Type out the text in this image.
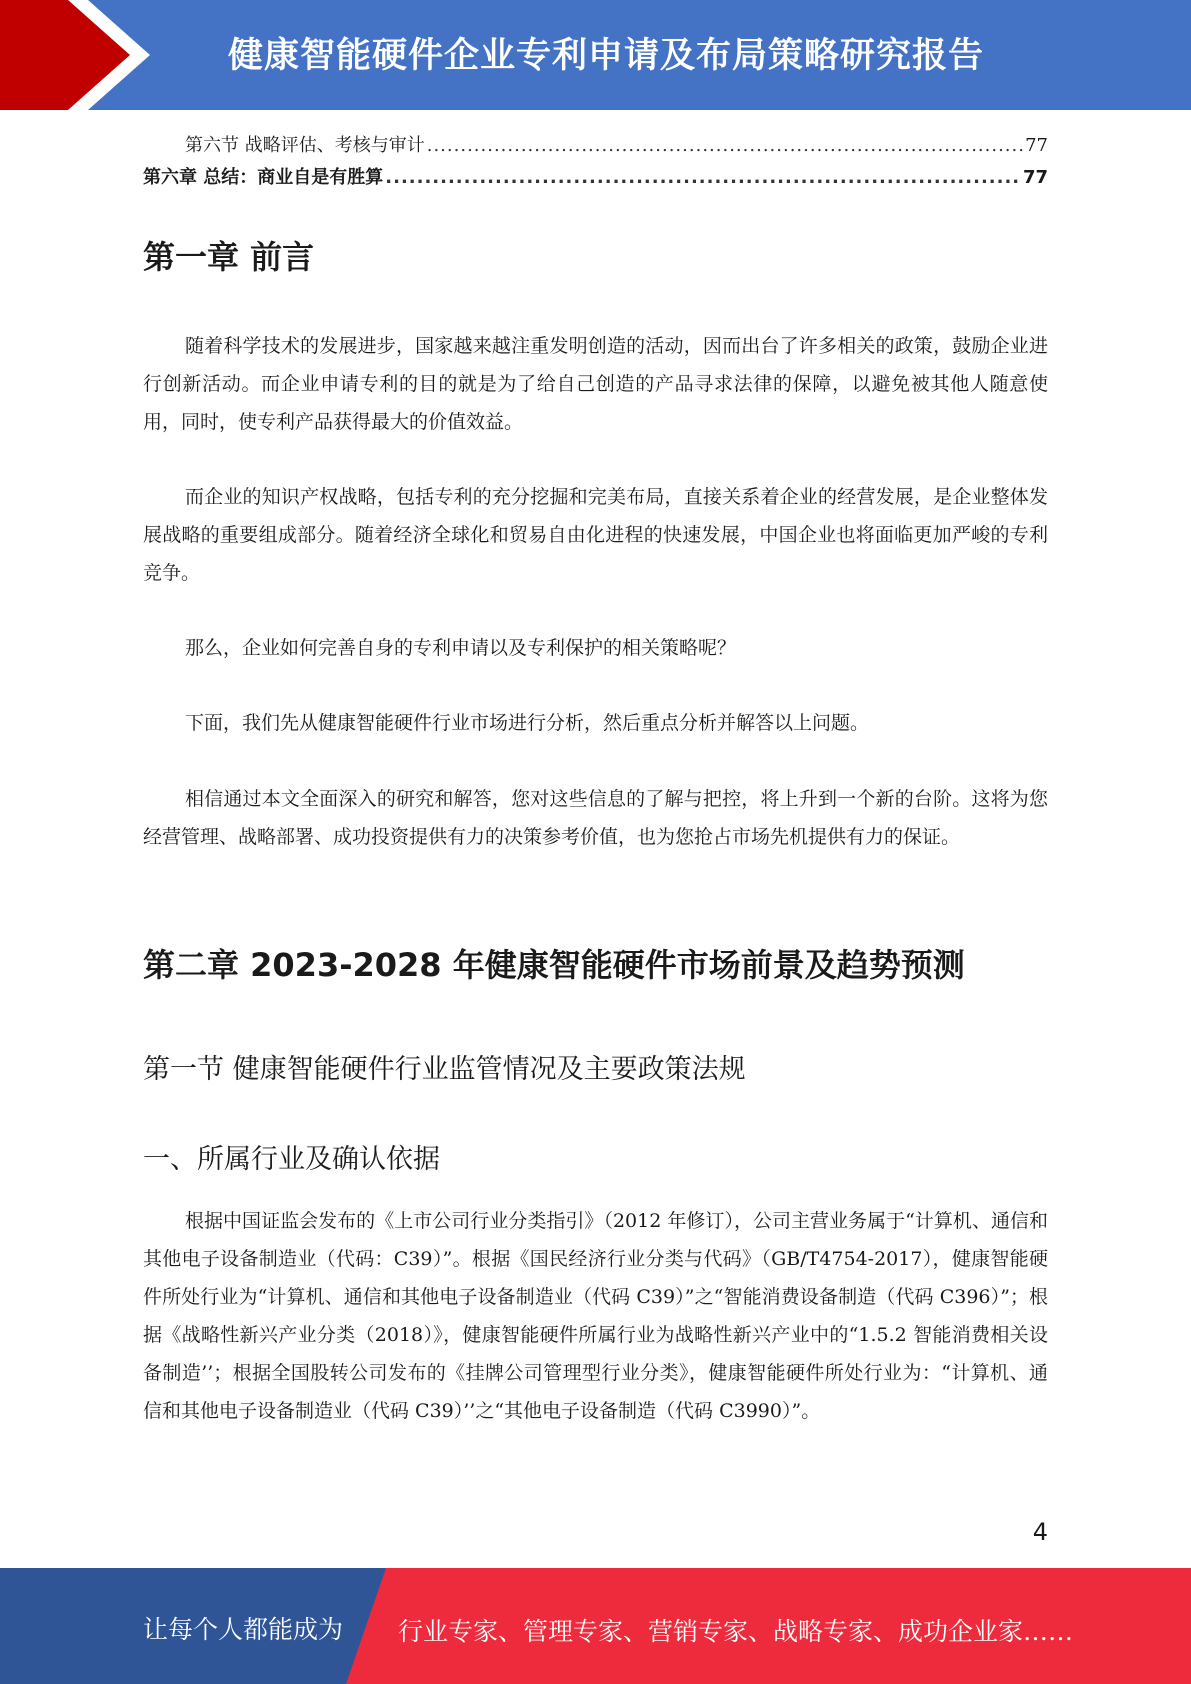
健康智能硬件企业专利申请及布局策略研究报告
第六节 战略评估、考核与审计 .....	77
第六章 总结：商业自是有胜算 .....	77
第一章 前言

随着科学技术的发展进步，国家越来越注重发明创造的活动，因而出台了许多相关的政策，鼓励企业进行创新活动。而企业申请专利的目的就是为了给自己创造的产品寻求法律的保障，以避免被其他人随意使用，同时，使专利产品获得最大的价值效益。

而企业的知识产权战略，包括专利的充分挖掘和完美布局，直接关系着企业的经营发展，是企业整体发展战略的重要组成部分。随着经济全球化和贸易自由化进程的快速发展，中国企业也将面临更加严峻的专利竞争。

那么，企业如何完善自身的专利申请以及专利保护的相关策略呢？

下面，我们先从健康智能硬件行业市场进行分析，然后重点分析并解答以上问题。

相信通过本文全面深入的研究和解答，您对这些信息的了解与把控，将上升到一个新的台阶。这将为您经营管理、战略部署、成功投资提供有力的决策参考价值，也为您抢占市场先机提供有力的保证。

第二章 2023-2028 年健康智能硬件市场前景及趋势预测
第一节 健康智能硬件行业监管情况及主要政策法规
一、所属行业及确认依据

根据中国证监会发布的《上市公司行业分类指引》（2012 年修订），公司主营业务属于“计算机、通信和其他电子设备制造业（代码：C39）”。根据《国民经济行业分类与代码》（GB/T4754-2017），健康智能硬件所处行业为“计算机、通信和其他电子设备制造业（代码 C39）”之“智能消费设备制造（代码 C396）”；根据《战略性新兴产业分类（2018）》，健康智能硬件所属行业为战略性新兴产业中的“1.5.2 智能消费相关设备制造’’；根据全国股转公司发布的《挂牌公司管理型行业分类》，健康智能硬件所处行业为：“计算机、通信和其他电子设备制造业（代码 C39）’’之“其他电子设备制造（代码 C3990）”。

4
让每个人都能成为 行业专家、管理专家、营销专家、战略专家、成功企业家……
